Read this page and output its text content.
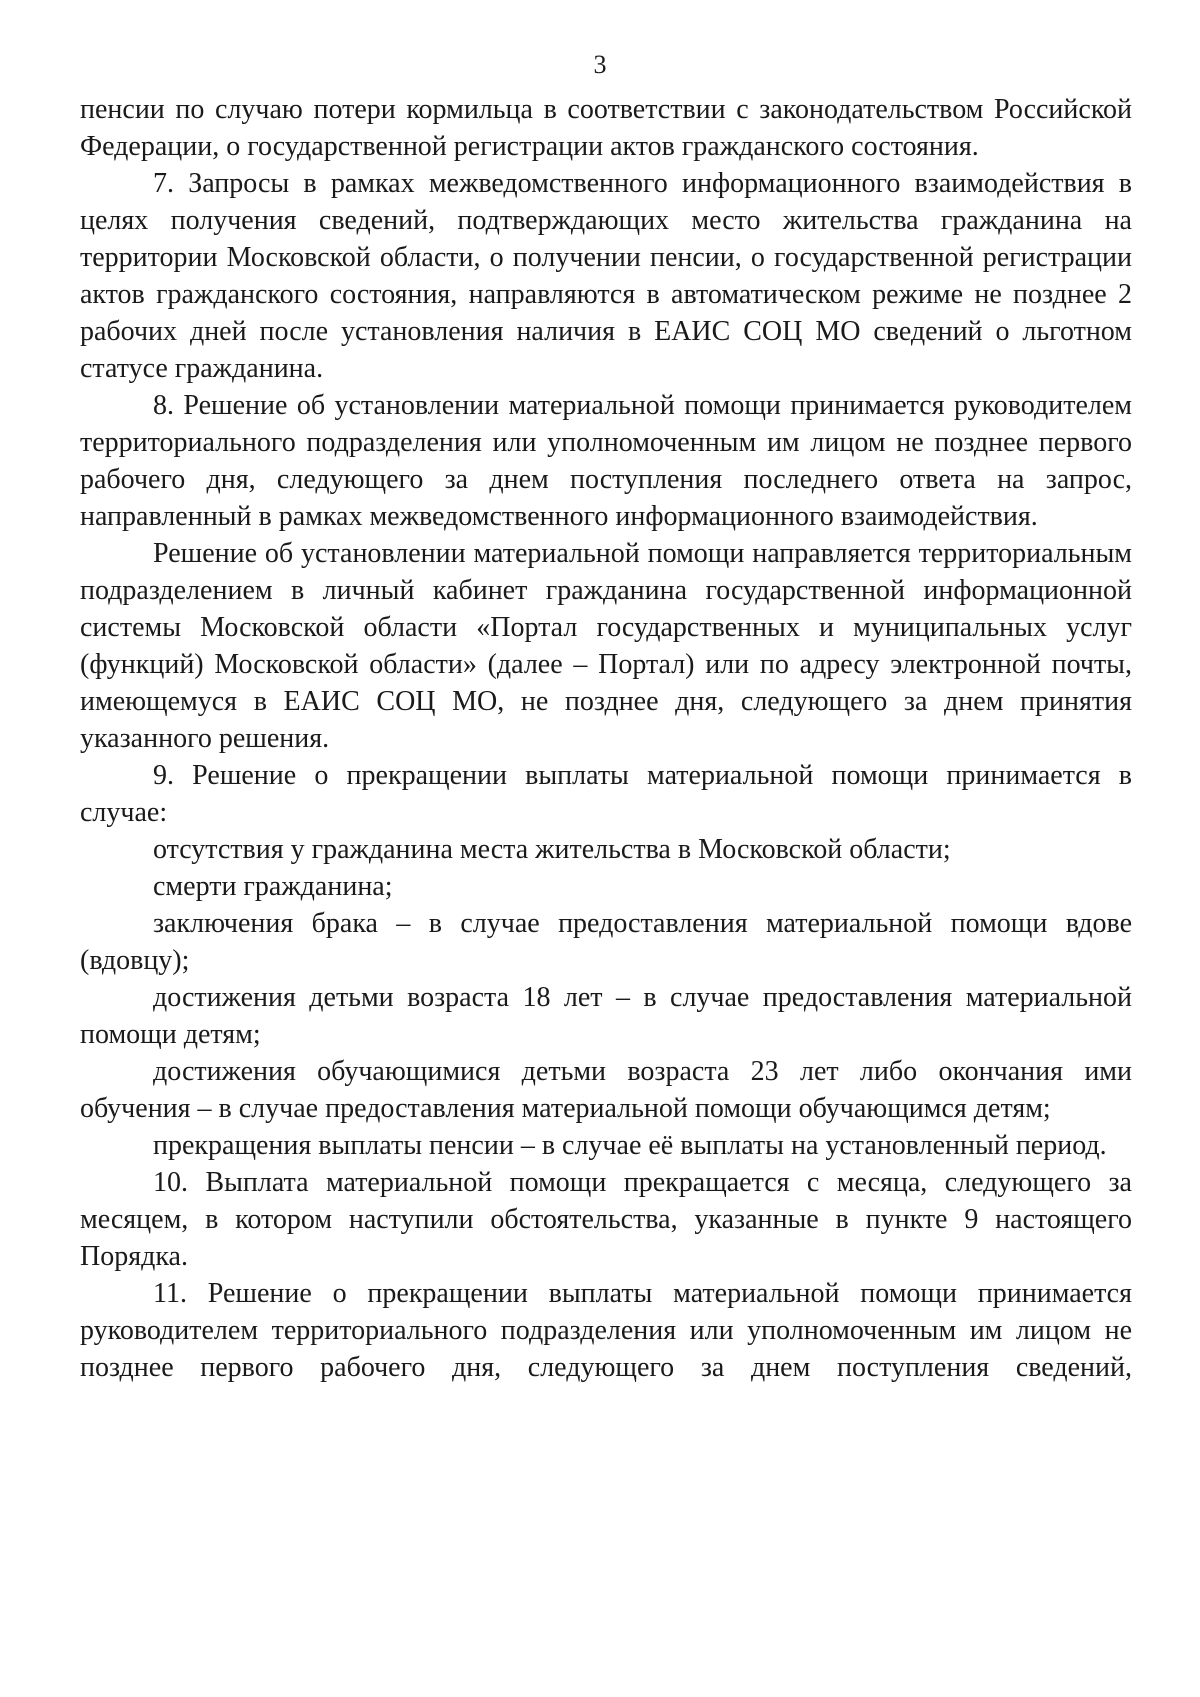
3

пенсии по случаю потери кормильца в соответствии с законодательством Российской Федерации, о государственной регистрации актов гражданского состояния.

7. Запросы в рамках межведомственного информационного взаимодействия в целях получения сведений, подтверждающих место жительства гражданина на территории Московской области, о получении пенсии, о государственной регистрации актов гражданского состояния, направляются в автоматическом режиме не позднее 2 рабочих дней после установления наличия в ЕАИС СОЦ МО сведений о льготном статусе гражданина.

8. Решение об установлении материальной помощи принимается руководителем территориального подразделения или уполномоченным им лицом не позднее первого рабочего дня, следующего за днем поступления последнего ответа на запрос, направленный в рамках межведомственного информационного взаимодействия.

Решение об установлении материальной помощи направляется территориальным подразделением в личный кабинет гражданина государственной информационной системы Московской области «Портал государственных и муниципальных услуг (функций) Московской области» (далее – Портал) или по адресу электронной почты, имеющемуся в ЕАИС СОЦ МО, не позднее дня, следующего за днем принятия указанного решения.

9. Решение о прекращении выплаты материальной помощи принимается в случае:

отсутствия у гражданина места жительства в Московской области;

смерти гражданина;

заключения брака – в случае предоставления материальной помощи вдове (вдовцу);

достижения детьми возраста 18 лет – в случае предоставления материальной помощи детям;

достижения обучающимися детьми возраста 23 лет либо окончания ими обучения – в случае предоставления материальной помощи обучающимся детям;

прекращения выплаты пенсии – в случае её выплаты на установленный период.

10. Выплата материальной помощи прекращается с месяца, следующего за месяцем, в котором наступили обстоятельства, указанные в пункте 9 настоящего Порядка.

11. Решение о прекращении выплаты материальной помощи принимается руководителем территориального подразделения или уполномоченным им лицом не позднее первого рабочего дня, следующего за днем поступления сведений,
